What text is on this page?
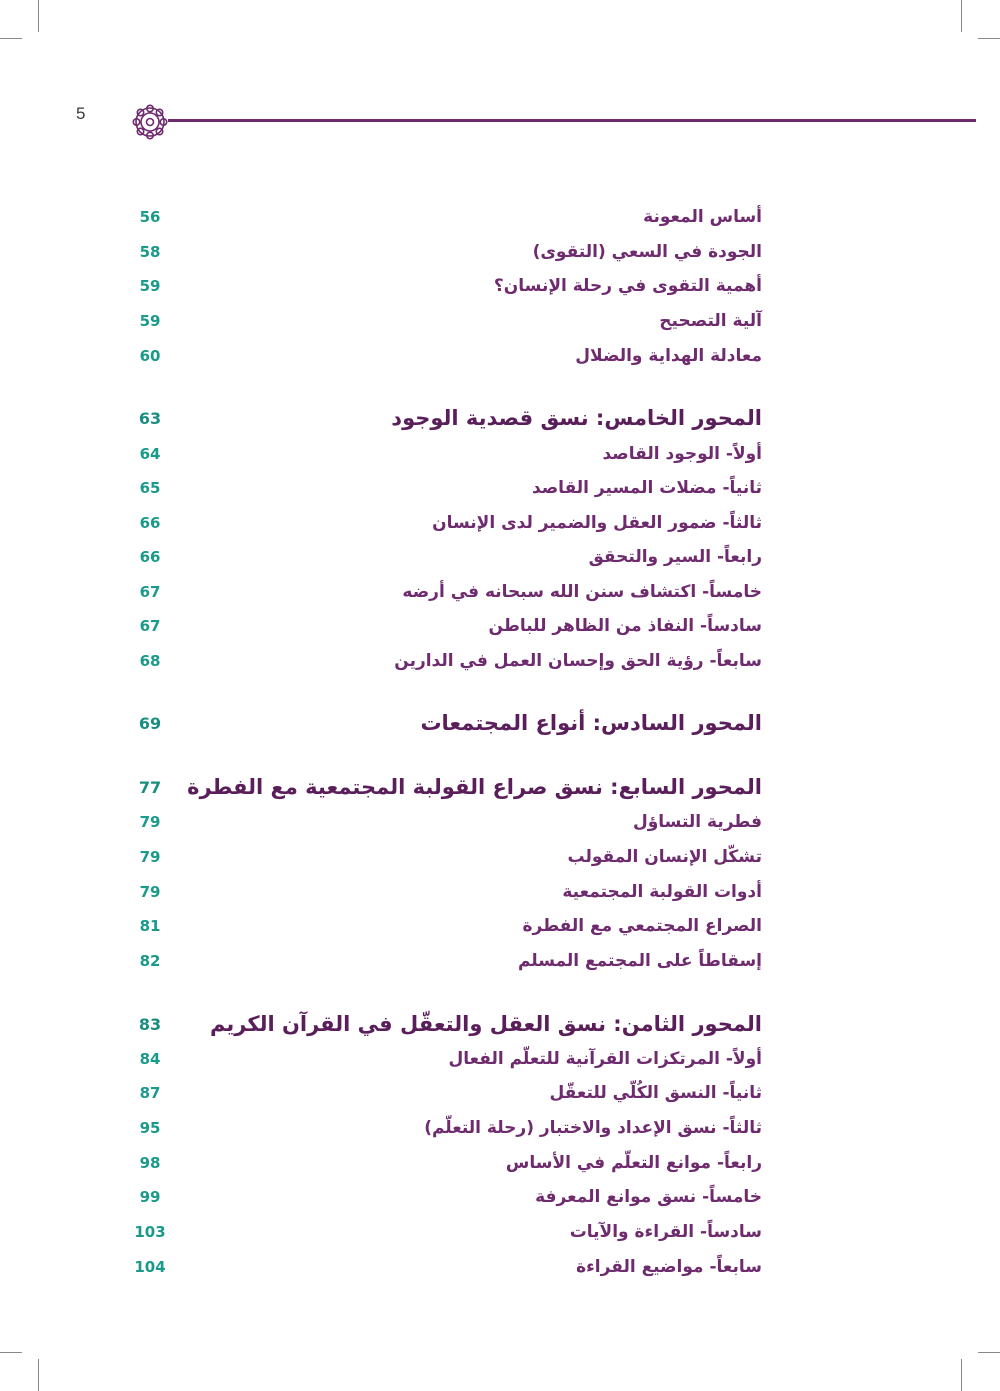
5
56	أساس المعونة
58	الجودة في السعي (التقوى)
59	أهمية التقوى في رحلة الإنسان؟
59	آلية التصحيح
60	معادلة الهداية والضلال
63	المحور الخامس: نسق قصدية الوجود
64	أولاً- الوجود القاصد
65	ثانياً- مضلات المسير القاصد
66	ثالثاً- ضمور العقل والضمير لدى الإنسان
66	رابعاً- السير والتحقق
67	خامساً- اكتشاف سنن الله سبحانه في أرضه
67	سادساً- النفاذ من الظاهر للباطن
68	سابعاً- رؤية الحق وإحسان العمل في الدارين
69	المحور السادس: أنواع المجتمعات
77	المحور السابع: نسق صراع القولبة المجتمعية مع الفطرة
79	فطرية التساؤل
79	تشكّل الإنسان المقولب
79	أدوات القولبة المجتمعية
81	الصراع المجتمعي مع الفطرة
82	إسقاطاً على المجتمع المسلم
83	المحور الثامن: نسق العقل والتعقّل في القرآن الكريم
84	أولاً- المرتكزات القرآنية للتعلّم الفعال
87	ثانياً- النسق الكُلّي للتعقّل
95	ثالثاً- نسق الإعداد والاختبار (رحلة التعلّم)
98	رابعاً- موانع التعلّم في الأساس
99	خامساً- نسق موانع المعرفة
103	سادساً- القراءة والآيات
104	سابعاً- مواضيع القراءة
